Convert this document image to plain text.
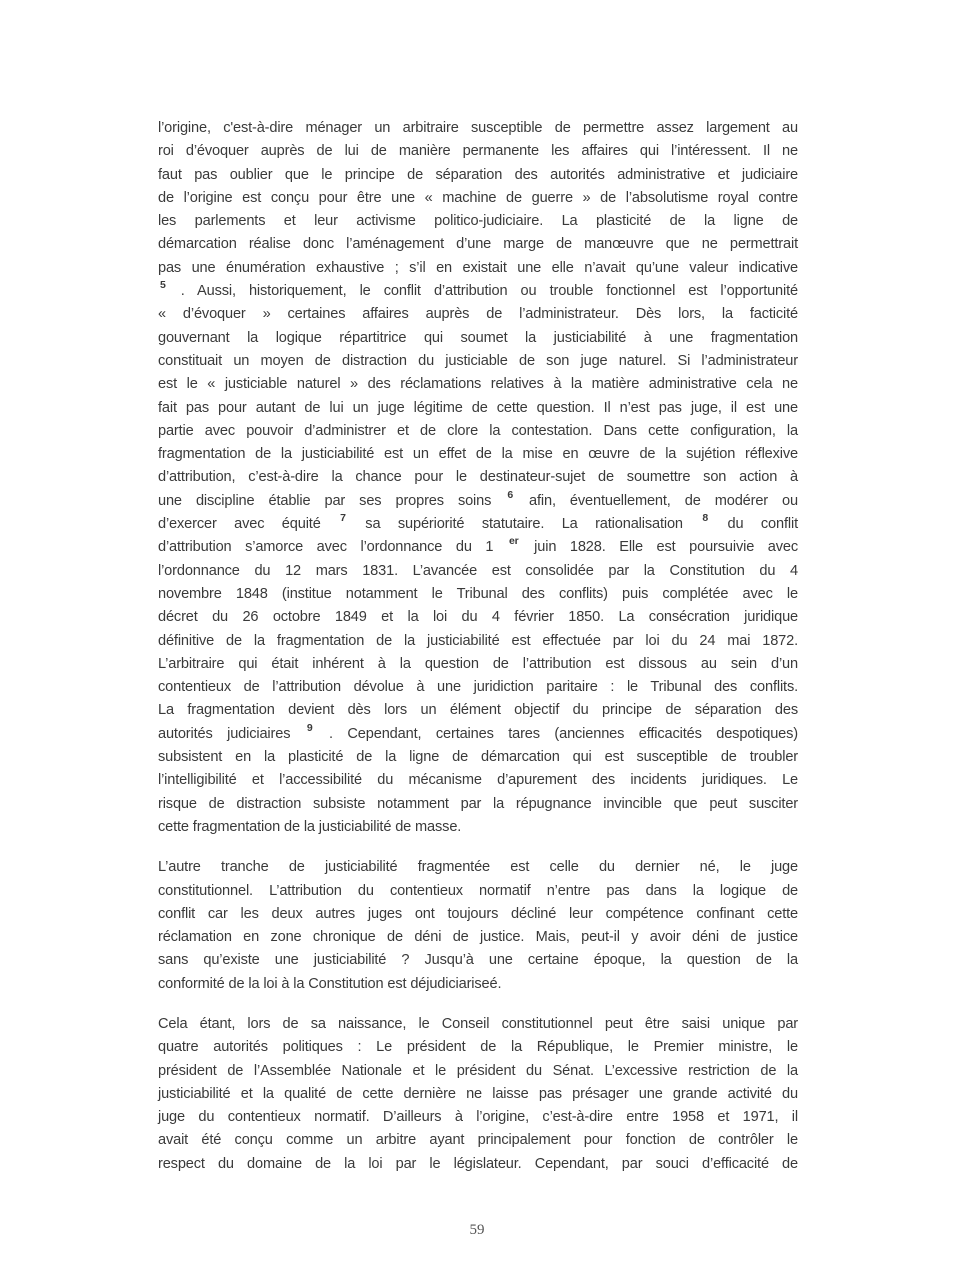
l’origine, c'est-à-dire ménager un arbitraire susceptible de permettre assez largement au
roi d’évoquer auprès de lui de manière permanente les affaires qui l’intéressent. Il ne
faut pas oublier que le principe de séparation des autorités administrative et judiciaire
de l’origine est conçu pour être une « machine de guerre » de l’absolutisme royal contre
les parlements et leur activisme politico-judiciaire. La plasticité de la ligne de
démarcation réalise donc l’aménagement d’une marge de manœuvre que ne permettrait
pas une énumération exhaustive ; s’il en existait une elle n’avait qu’une valeur indicative
$^5$ . Aussi, historiquement, le conflit d’attribution ou trouble fonctionnel est l’opportunité
« d’évoquer » certaines affaires auprès de l’administrateur. Dès lors, la facticité
gouvernant la logique répartitrice qui soumet la justiciabilité à une fragmentation
constituait un moyen de distraction du justiciable de son juge naturel. Si l’administrateur
est le « justiciable naturel » des réclamations relatives à la matière administrative cela ne
fait pas pour autant de lui un juge légitime de cette question. Il n’est pas juge, il est une
partie avec pouvoir d’administrer et de clore la contestation. Dans cette configuration, la
fragmentation de la justiciabilité est un effet de la mise en œuvre de la sujétion réflexive
d’attribution, c’est-à-dire la chance pour le destinateur-sujet de soumettre son action à
une discipline établie par ses propres soins $^6$ afin, éventuellement, de modérer ou
d’exercer avec équité $^7$ sa supériorité statutaire. La rationalisation $^8$ du conflit
d’attribution s’amorce avec l’ordonnance du 1 $^{er}$ juin 1828. Elle est poursuivie avec
l’ordonnance du 12 mars 1831. L’avancée est consolidée par la Constitution du 4
novembre 1848 (institue notamment le Tribunal des conflits) puis complétée avec le
décret du 26 octobre 1849 et la loi du 4 février 1850. La consécration juridique
définitive de la fragmentation de la justiciabilité est effectuée par loi du 24 mai 1872.
L’arbitraire qui était inhérent à la question de l’attribution est dissous au sein d’un
contentieux de l’attribution dévolue à une juridiction paritaire : le Tribunal des conflits.
La fragmentation devient dès lors un élément objectif du principe de séparation des
autorités judiciaires $^9$ . Cependant, certaines tares (anciennes efficacités despotiques)
subsistent en la plasticité de la ligne de démarcation qui est susceptible de troubler
l’intelligibilité et l’accessibilité du mécanisme d’apurement des incidents juridiques. Le
risque de distraction subsiste notamment par la répugnance invincible que peut susciter
cette fragmentation de la justiciabilité de masse.
L’autre tranche de justiciabilité fragmentée est celle du dernier né, le juge
constitutionnel. L’attribution du contentieux normatif n’entre pas dans la logique de
conflit car les deux autres juges ont toujours décliné leur compétence confinant cette
réclamation en zone chronique de déni de justice. Mais, peut-il y avoir déni de justice
sans qu’existe une justiciabilité ? Jusqu’à une certaine époque, la question de la
conformité de la loi à la Constitution est déjudiciariseé.
Cela étant, lors de sa naissance, le Conseil constitutionnel peut être saisi unique par
quatre autorités politiques : Le président de la République, le Premier ministre, le
président de l’Assemblée Nationale et le président du Sénat. L’excessive restriction de la
justiciabilité et la qualité de cette dernière ne laisse pas présager une grande activité du
juge du contentieux normatif. D’ailleurs à l’origine, c’est-à-dire entre 1958 et 1971, il
avait été conçu comme un arbitre ayant principalement pour fonction de contrôler le
respect du domaine de la loi par le législateur. Cependant, par souci d’efficacité de
59
